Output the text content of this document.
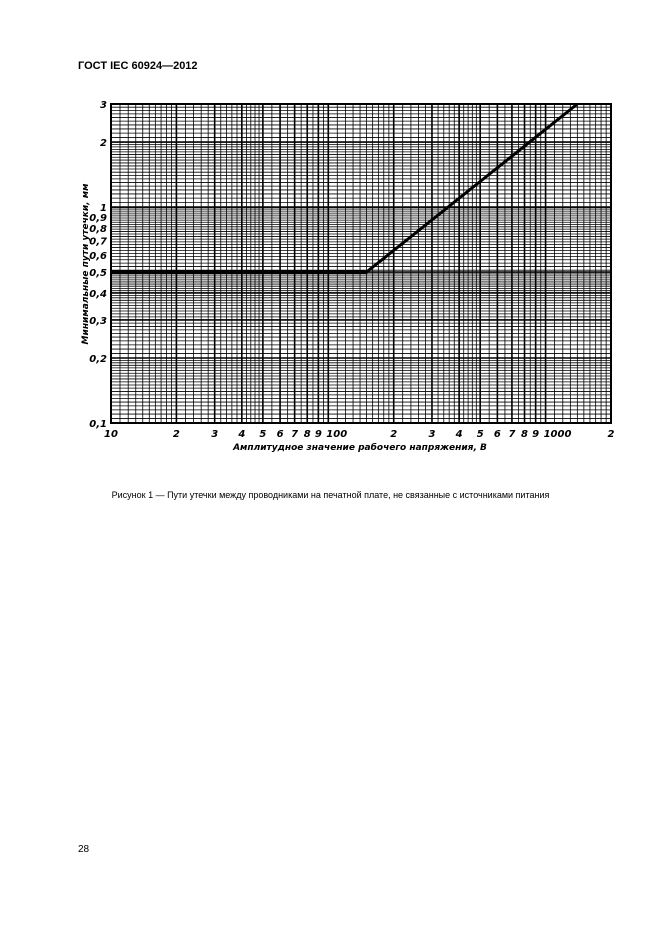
ГОСТ IEC 60924—2012
10	2	3 4 5 6 7 8 9 100	2	3 4 5 6 7 8 9 1000	2
0,1
0,2
0,3
0,4
0,5
0,6
0,7
0,8
0,9
1
2
3
Амплитудное значение рабочего напряжения, В
Минимальные пути утечки, мм
Рисунок 1 — Пути утечки между проводниками на печатной плате, не связанные с источниками питания
28
